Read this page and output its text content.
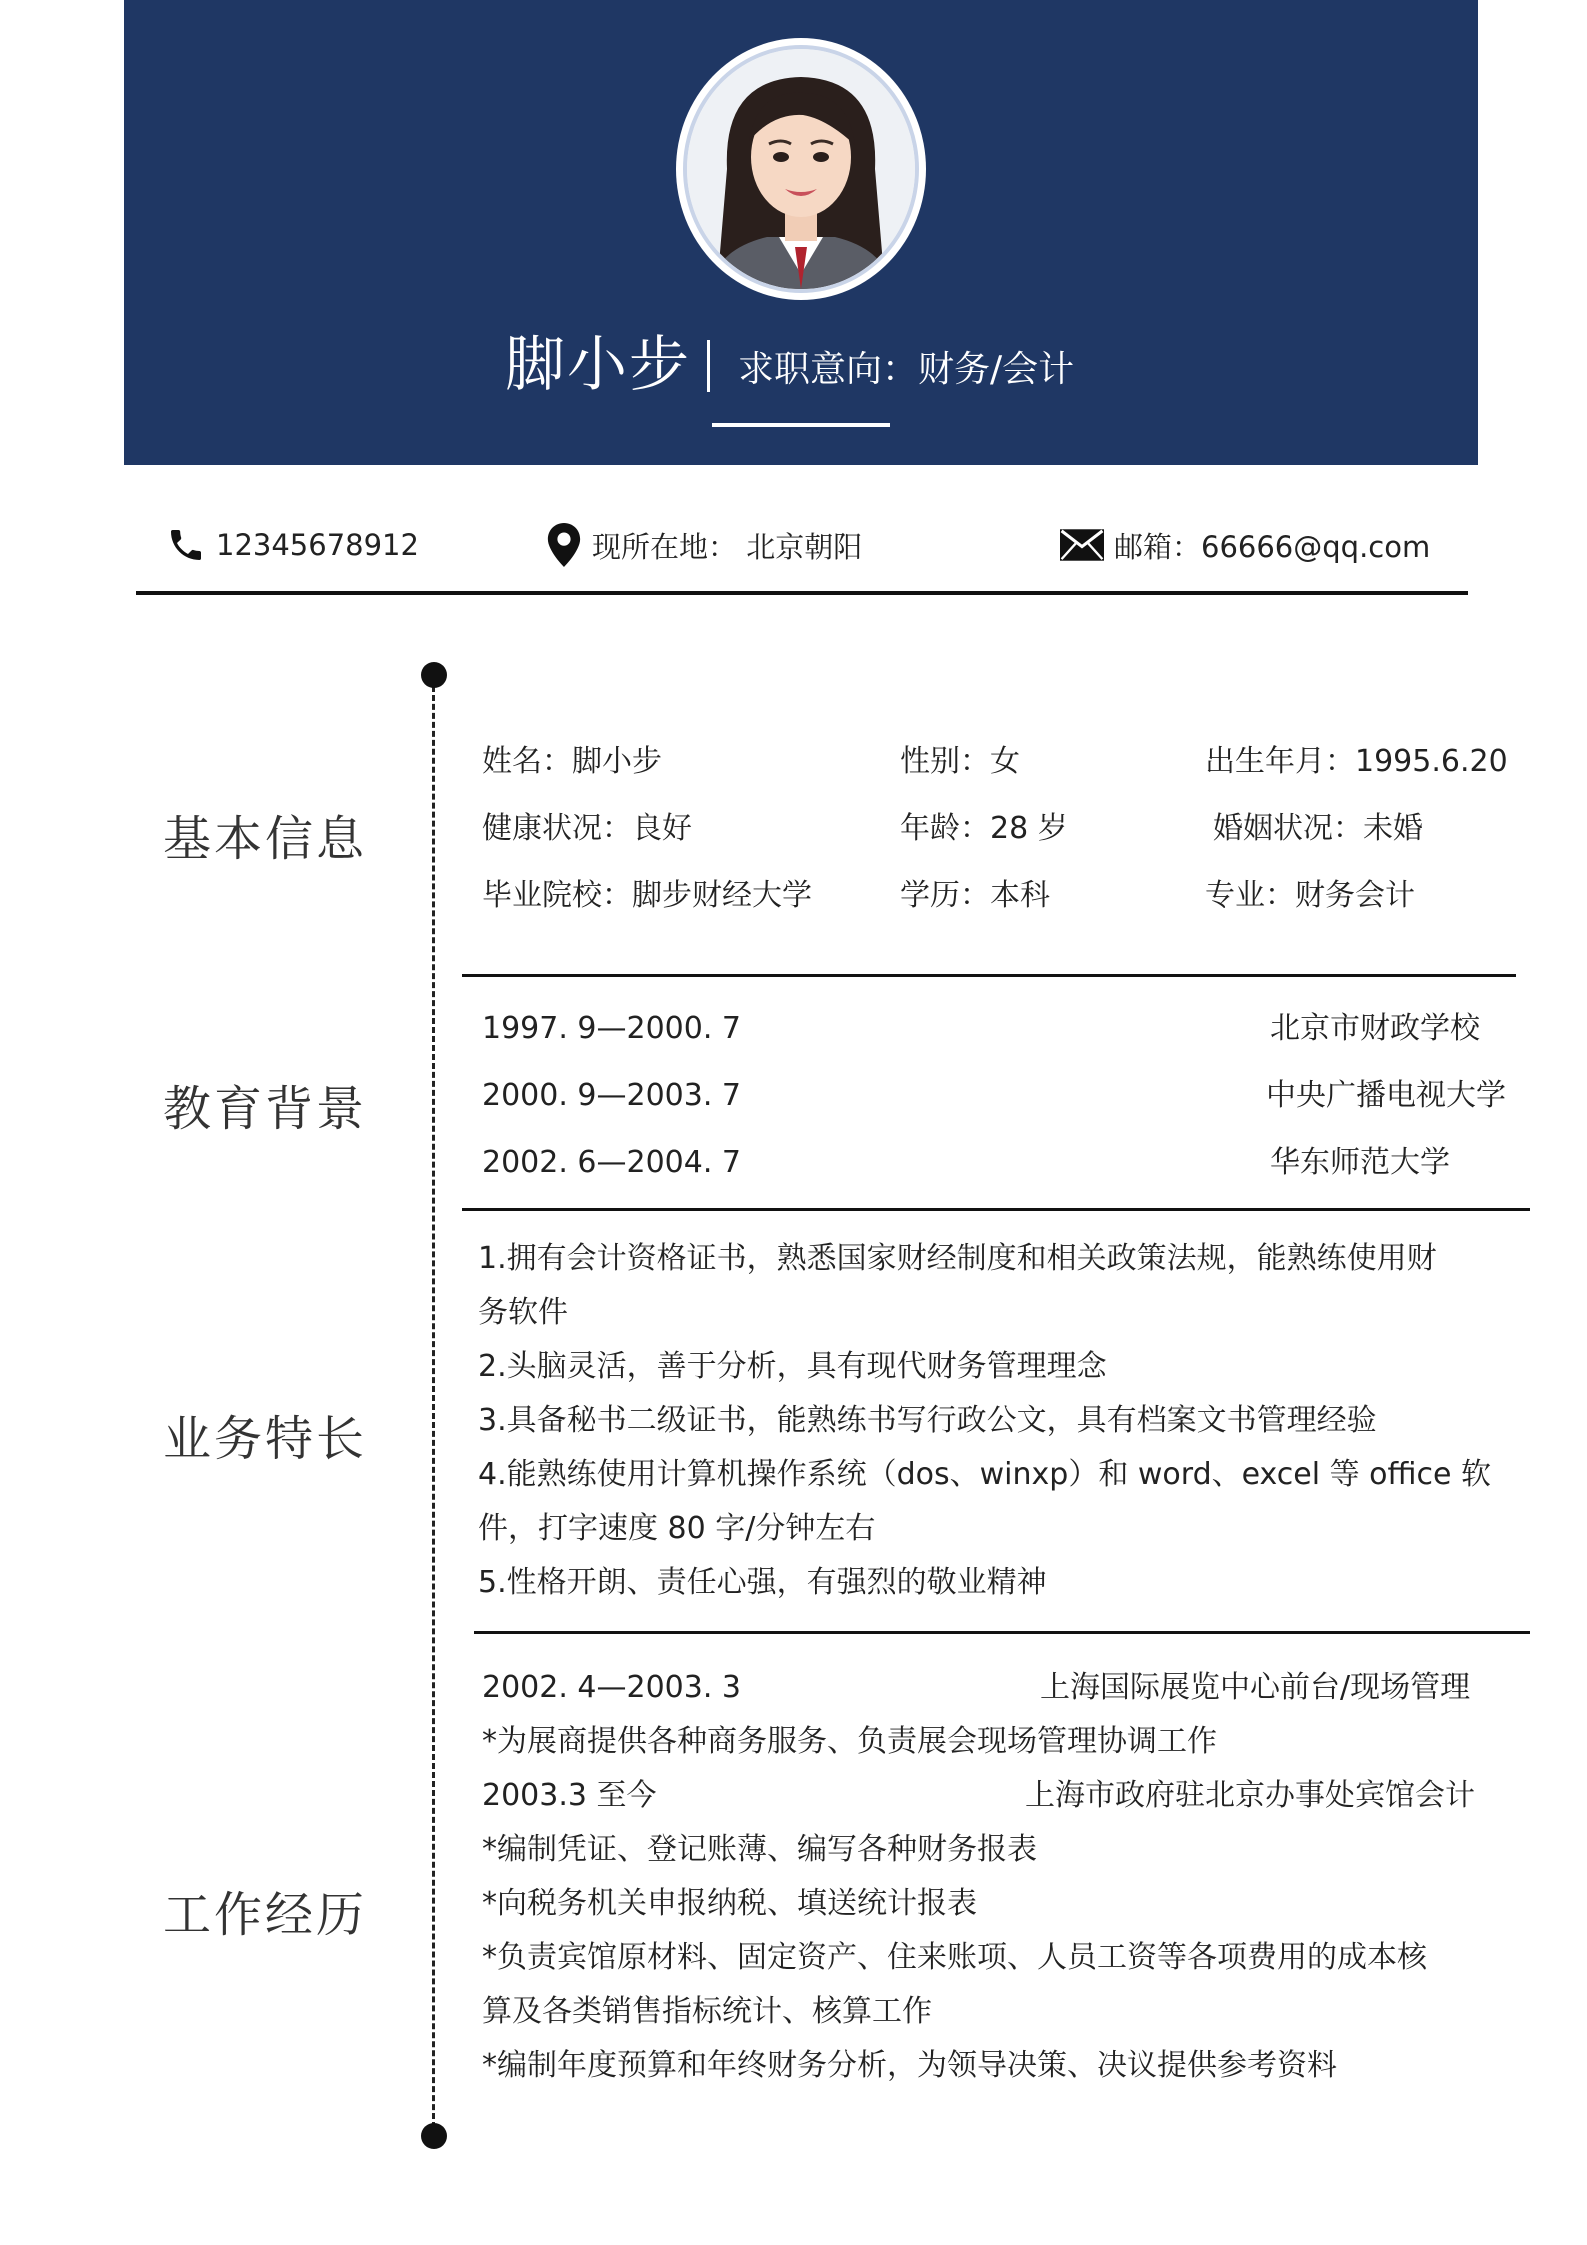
脚小步 求职意向：财务/会计
12345678912	现所在地： 北京朝阳	邮箱：66666@qq.com
基本信息
姓名：脚小步	性别：女	出生年月：1995.6.20
健康状况：良好	年龄：28 岁	婚姻状况：未婚
毕业院校：脚步财经大学	学历：本科	专业：财务会计
教育背景
1997. 9—2000. 7	北京市财政学校
2000. 9—2003. 7	中央广播电视大学
2002. 6—2004. 7	华东师范大学
业务特长
1.拥有会计资格证书，熟悉国家财经制度和相关政策法规，能熟练使用财
务软件
2.头脑灵活，善于分析，具有现代财务管理理念
3.具备秘书二级证书，能熟练书写行政公文，具有档案文书管理经验
4.能熟练使用计算机操作系统（dos、winxp）和 word、excel 等 office 软
件，打字速度 80 字/分钟左右
5.性格开朗、责任心强，有强烈的敬业精神
工作经历
2002. 4—2003. 3	上海国际展览中心前台/现场管理
*为展商提供各种商务服务、负责展会现场管理协调工作
2003.3 至今	上海市政府驻北京办事处宾馆会计
*编制凭证、登记账薄、编写各种财务报表
*向税务机关申报纳税、填送统计报表
*负责宾馆原材料、固定资产、住来账项、人员工资等各项费用的成本核
算及各类销售指标统计、核算工作
*编制年度预算和年终财务分析，为领导决策、决议提供参考资料
